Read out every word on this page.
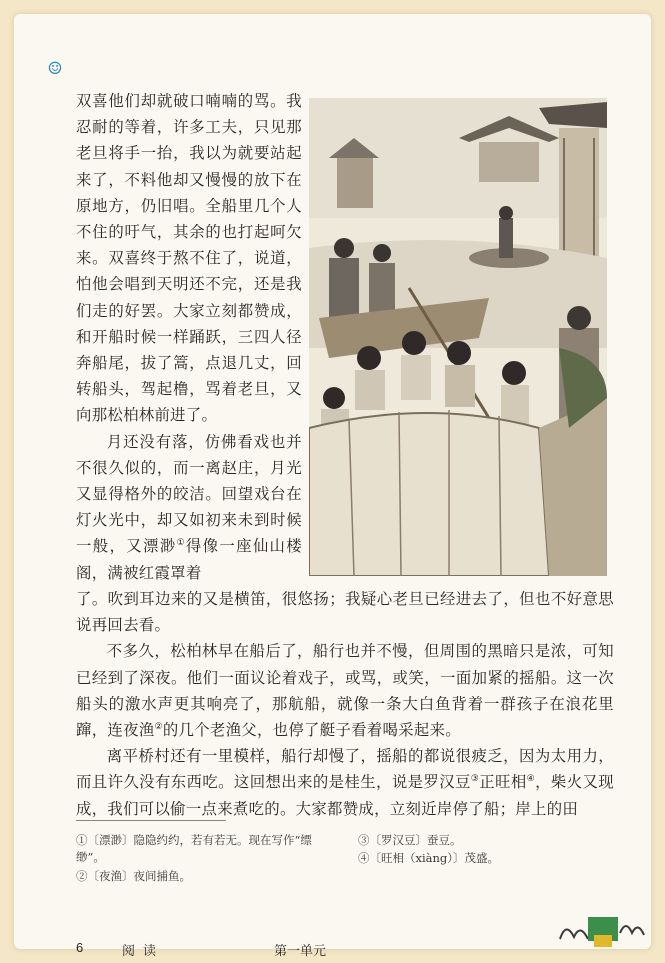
☺

双喜他们却就破口喃喃的骂。我忍耐的等着，许多工夫，只见那老旦将手一抬，我以为就要站起来了，不料他却又慢慢的放下在原地方，仍旧唱。全船里几个人不住的吁气，其余的也打起呵欠来。双喜终于熬不住了，说道，怕他会唱到天明还不完，还是我们走的好罢。大家立刻都赞成，和开船时候一样踊跃，三四人径奔船尾，拔了篙，点退几丈，回转船头，驾起橹，骂着老旦，又向那松柏林前进了。

月还没有落，仿佛看戏也并不很久似的，而一离赵庄，月光又显得格外的皎洁。回望戏台在灯火光中，却又如初来未到时候一般，又漂渺①得像一座仙山楼阁，满被红霞罩着

了。吹到耳边来的又是横笛，很悠扬；我疑心老旦已经进去了，但也不好意思说再回去看。

不多久，松柏林早在船后了，船行也并不慢，但周围的黑暗只是浓，可知已经到了深夜。他们一面议论着戏子，或骂，或笑，一面加紧的摇船。这一次船头的激水声更其响亮了，那航船，就像一条大白鱼背着一群孩子在浪花里蹿，连夜渔②的几个老渔父，也停了艇子看着喝采起来。

离平桥村还有一里模样，船行却慢了，摇船的都说很疲乏，因为太用力，而且许久没有东西吃。这回想出来的是桂生，说是罗汉豆③正旺相④，柴火又现成，我们可以偷一点来煮吃的。大家都赞成，立刻近岸停了船；岸上的田

①〔漂渺〕隐隐约约，若有若无。现在写作“缥缈”。
②〔夜渔〕夜间捕鱼。
③〔罗汉豆〕蚕豆。
④〔旺相（xiàng）〕茂盛。
6	阅读	第一单元
